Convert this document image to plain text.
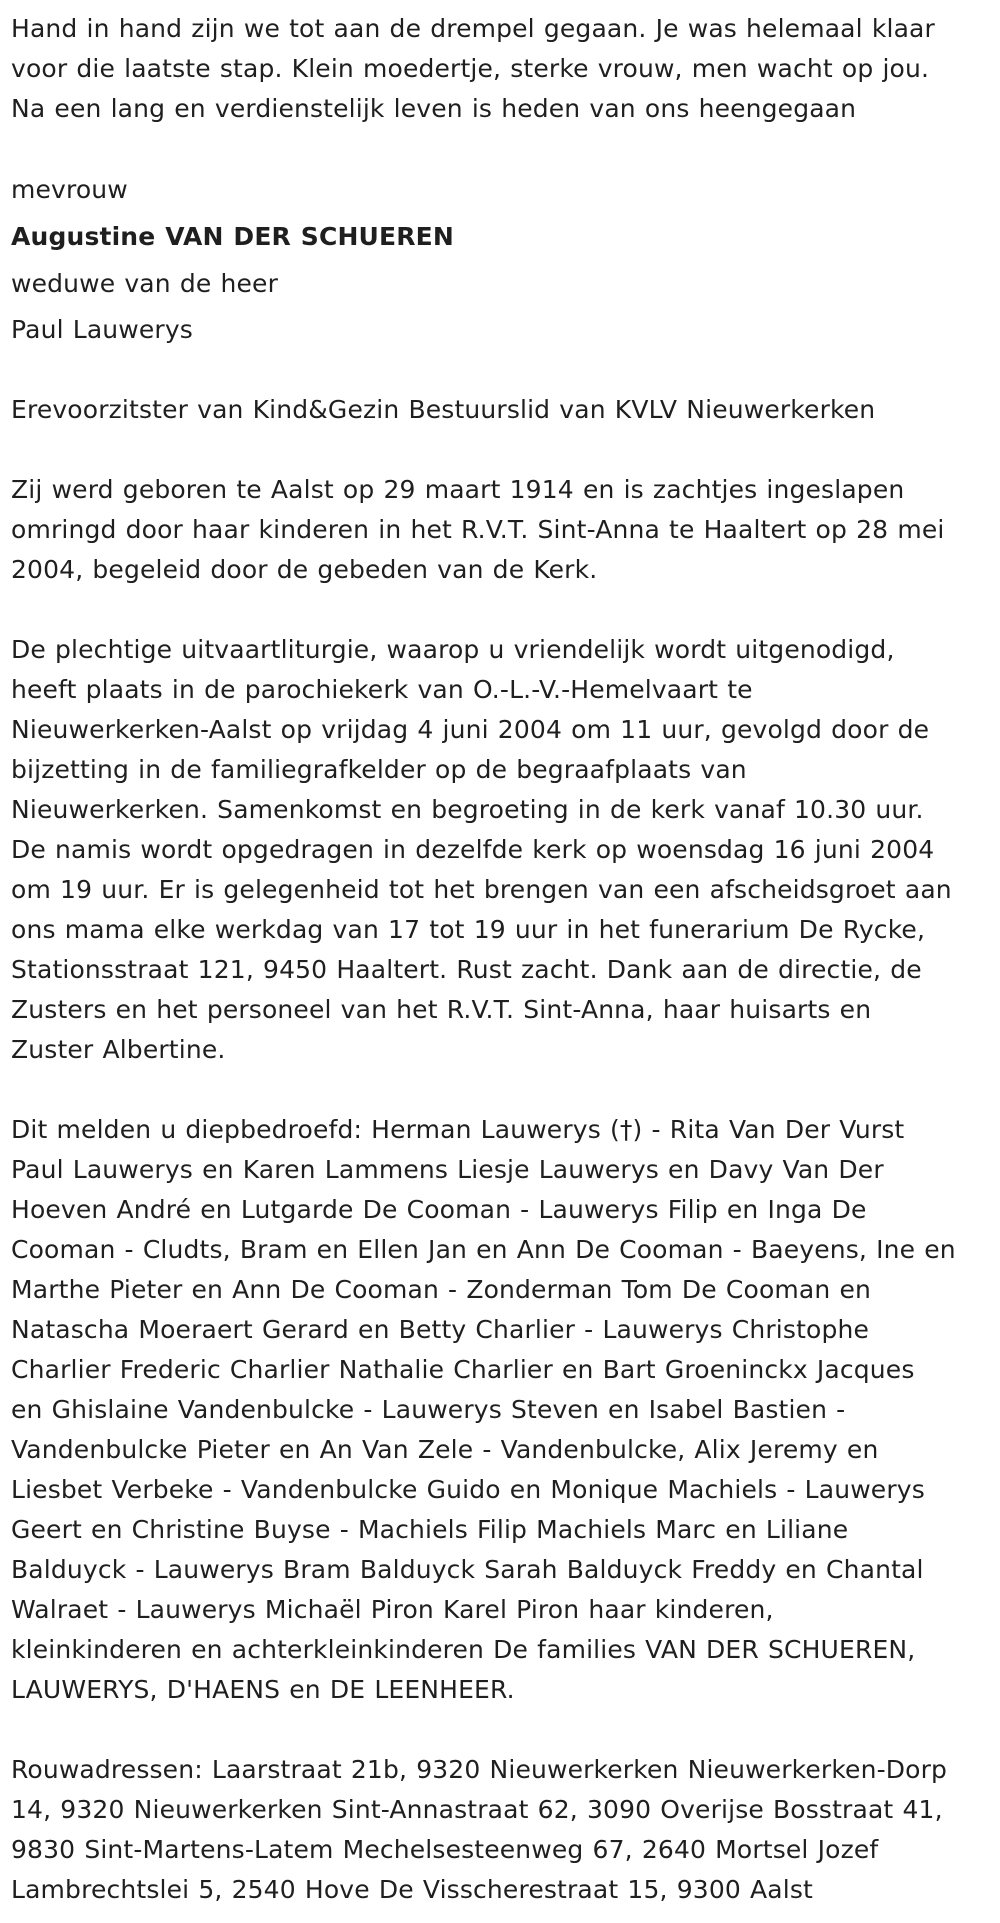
Hand in hand zijn we tot aan de drempel gegaan. Je was helemaal klaar
voor die laatste stap. Klein moedertje, sterke vrouw, men wacht op jou.
Na een lang en verdienstelijk leven is heden van ons heengegaan

mevrouw

Augustine VAN DER SCHUEREN

weduwe van de heer

Paul Lauwerys

Erevoorzitster van Kind&Gezin Bestuurslid van KVLV Nieuwerkerken

Zij werd geboren te Aalst op 29 maart 1914 en is zachtjes ingeslapen
omringd door haar kinderen in het R.V.T. Sint-Anna te Haaltert op 28 mei
2004, begeleid door de gebeden van de Kerk.

De plechtige uitvaartliturgie, waarop u vriendelijk wordt uitgenodigd,
heeft plaats in de parochiekerk van O.-L.-V.-Hemelvaart te
Nieuwerkerken-Aalst op vrijdag 4 juni 2004 om 11 uur, gevolgd door de
bijzetting in de familiegrafkelder op de begraafplaats van
Nieuwerkerken. Samenkomst en begroeting in de kerk vanaf 10.30 uur.
De namis wordt opgedragen in dezelfde kerk op woensdag 16 juni 2004
om 19 uur. Er is gelegenheid tot het brengen van een afscheidsgroet aan
ons mama elke werkdag van 17 tot 19 uur in het funerarium De Rycke,
Stationsstraat 121, 9450 Haaltert. Rust zacht. Dank aan de directie, de
Zusters en het personeel van het R.V.T. Sint-Anna, haar huisarts en
Zuster Albertine.

Dit melden u diepbedroefd: Herman Lauwerys (†) - Rita Van Der Vurst
Paul Lauwerys en Karen Lammens Liesje Lauwerys en Davy Van Der
Hoeven André en Lutgarde De Cooman - Lauwerys Filip en Inga De
Cooman - Cludts, Bram en Ellen Jan en Ann De Cooman - Baeyens, Ine en
Marthe Pieter en Ann De Cooman - Zonderman Tom De Cooman en
Natascha Moeraert Gerard en Betty Charlier - Lauwerys Christophe
Charlier Frederic Charlier Nathalie Charlier en Bart Groeninckx Jacques
en Ghislaine Vandenbulcke - Lauwerys Steven en Isabel Bastien -
Vandenbulcke Pieter en An Van Zele - Vandenbulcke, Alix Jeremy en
Liesbet Verbeke - Vandenbulcke Guido en Monique Machiels - Lauwerys
Geert en Christine Buyse - Machiels Filip Machiels Marc en Liliane
Balduyck - Lauwerys Bram Balduyck Sarah Balduyck Freddy en Chantal
Walraet - Lauwerys Michaël Piron Karel Piron haar kinderen,
kleinkinderen en achterkleinkinderen De families VAN DER SCHUEREN,
LAUWERYS, D'HAENS en DE LEENHEER.

Rouwadressen: Laarstraat 21b, 9320 Nieuwerkerken Nieuwerkerken-Dorp
14, 9320 Nieuwerkerken Sint-Annastraat 62, 3090 Overijse Bosstraat 41,
9830 Sint-Martens-Latem Mechelsesteenweg 67, 2640 Mortsel Jozef
Lambrechtslei 5, 2540 Hove De Visscherestraat 15, 9300 Aalst
